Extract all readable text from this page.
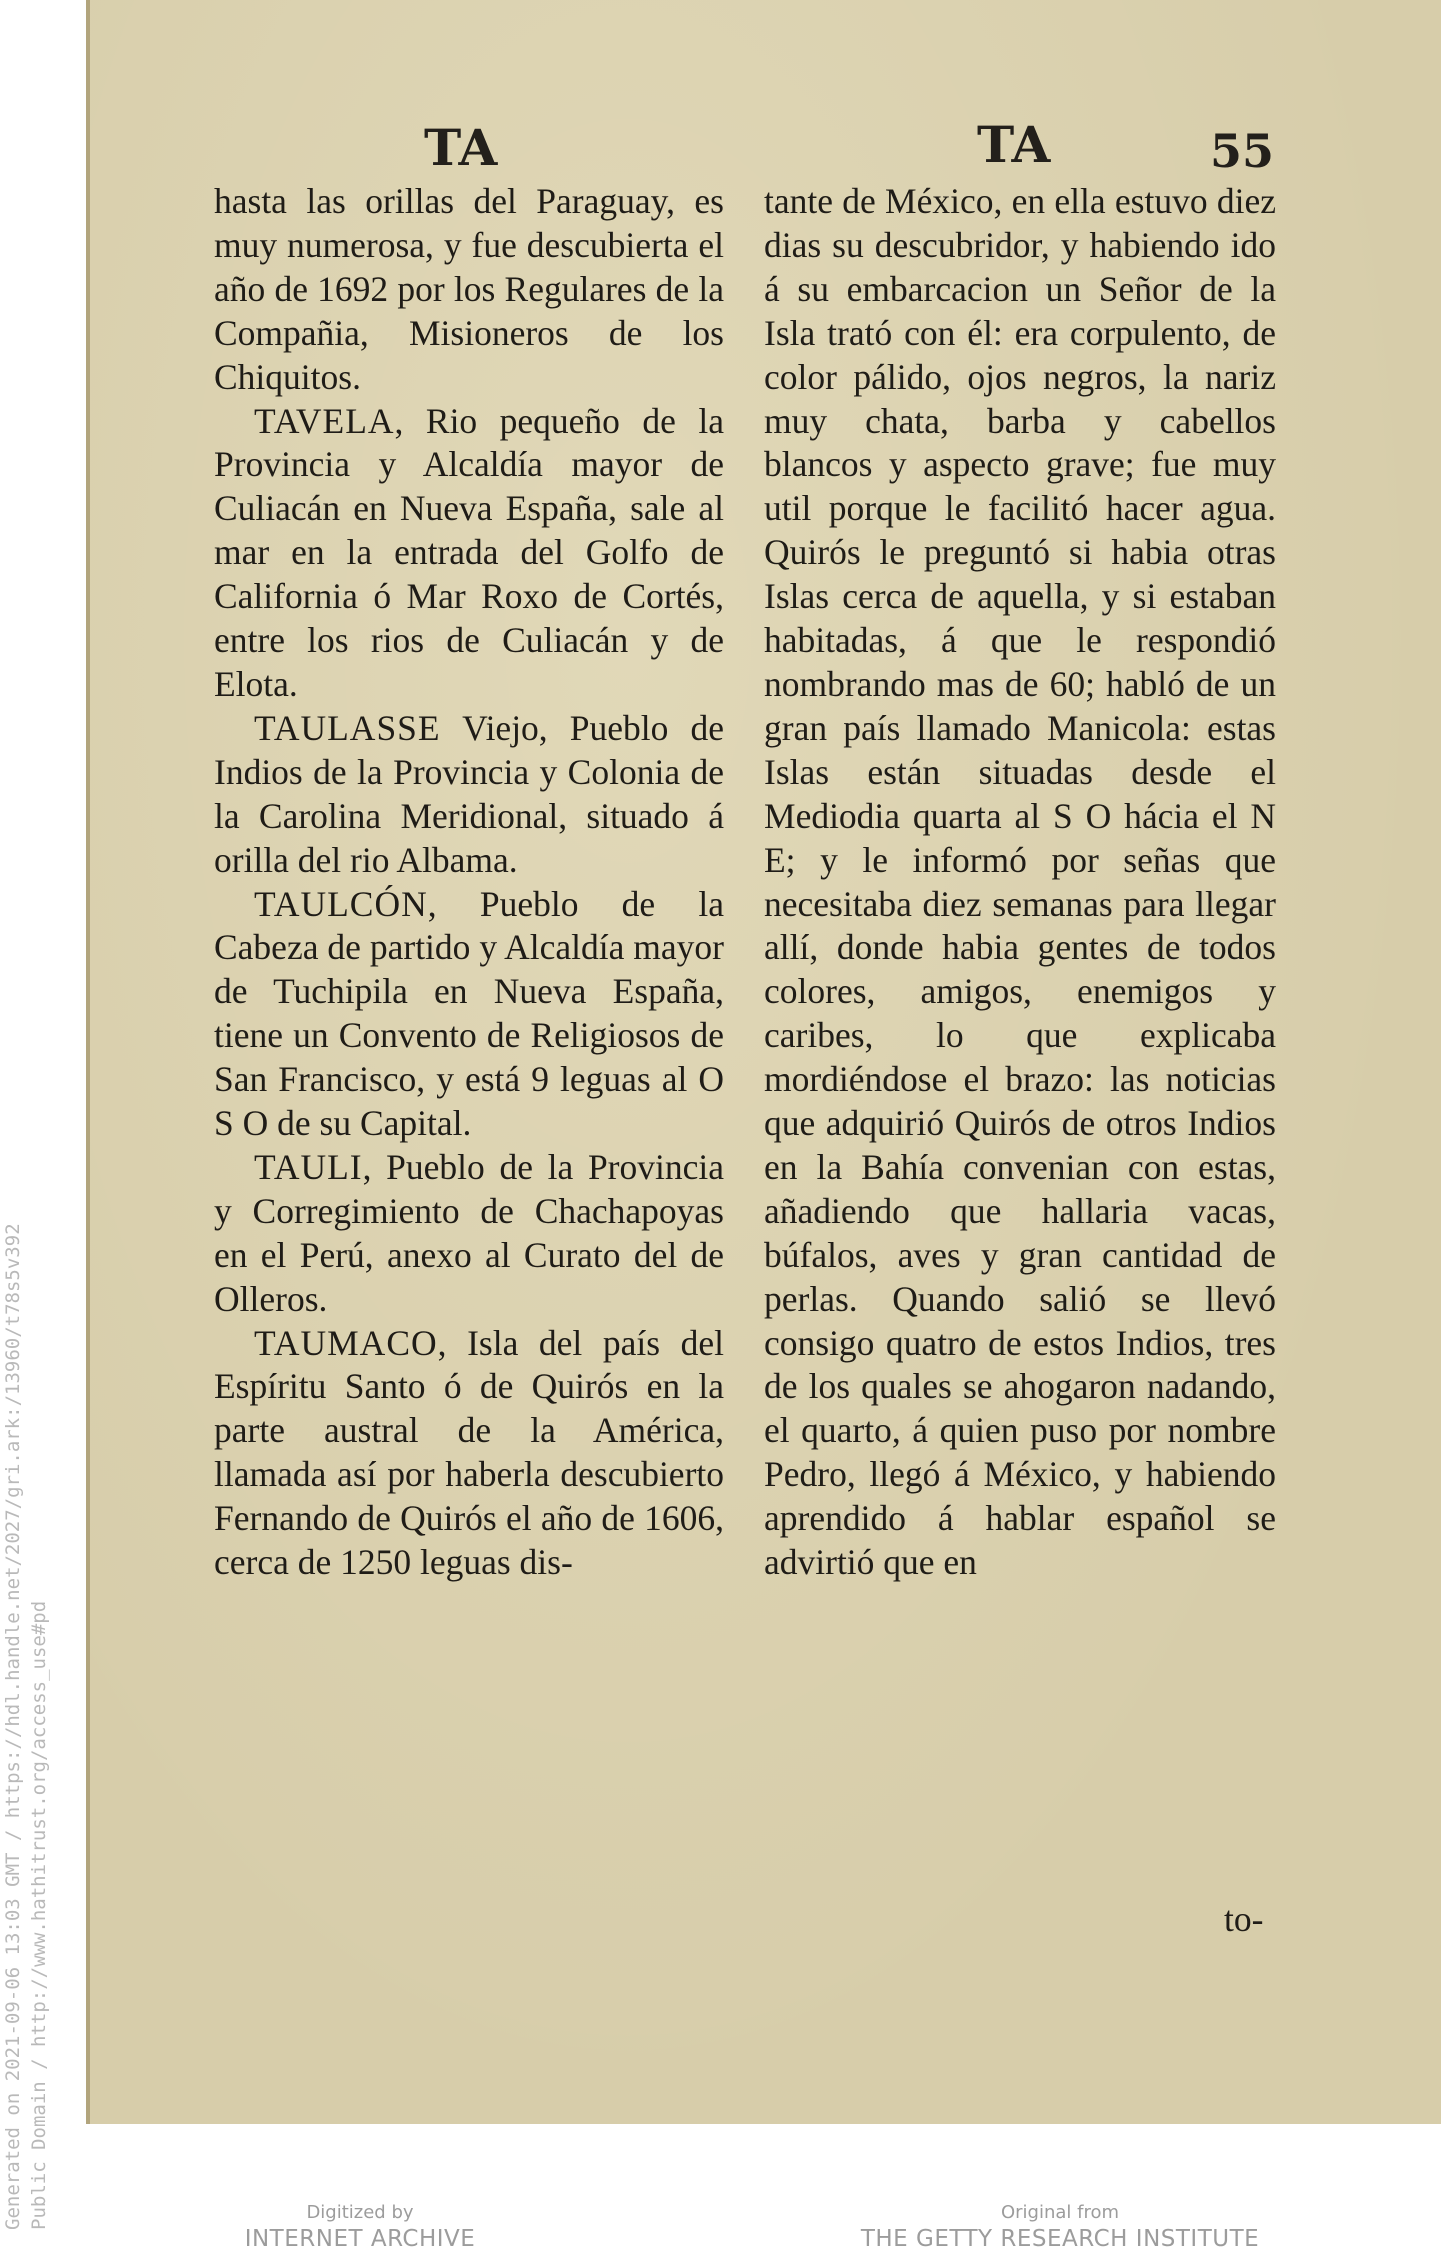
Generated on 2021-09-06 13:03 GMT / https://hdl.handle.net/2027/gri.ark:/13960/t78s5v392 Public Domain / http://www.hathitrust.org/access_use#pd
TA	TA	55

hasta las orillas del Paraguay, es muy numerosa, y fue descubierta el año de 1692 por los Regulares de la Compañia, Misioneros de los Chiquitos.

TAVELA, Rio pequeño de la Provincia y Alcaldía mayor de Culiacán en Nueva España, sale al mar en la entrada del Golfo de California ó Mar Roxo de Cortés, entre los rios de Culiacán y de Elota.

TAULASSE Viejo, Pueblo de Indios de la Provincia y Colonia de la Carolina Meridional, situado á orilla del rio Albama.

TAULCÓN, Pueblo de la Cabeza de partido y Alcaldía mayor de Tuchipila en Nueva España, tiene un Convento de Religiosos de San Francisco, y está 9 leguas al O S O de su Capital.

TAULI, Pueblo de la Provincia y Corregimiento de Chachapoyas en el Perú, anexo al Curato del de Olleros.

TAUMACO, Isla del país del Espíritu Santo ó de Quirós en la parte austral de la América, llamada así por haberla descubierto Fernando de Quirós el año de 1606, cerca de 1250 leguas dis-

tante de México, en ella estuvo diez dias su descubridor, y habiendo ido á su embarcacion un Señor de la Isla trató con él: era corpulento, de color pálido, ojos negros, la nariz muy chata, barba y cabellos blancos y aspecto grave; fue muy util porque le facilitó hacer agua. Quirós le preguntó si habia otras Islas cerca de aquella, y si estaban habitadas, á que le respondió nombrando mas de 60; habló de un gran país llamado Manicola: estas Islas están situadas desde el Mediodia quarta al S O hácia el N E; y le informó por señas que necesitaba diez semanas para llegar allí, donde habia gentes de todos colores, amigos, enemigos y caribes, lo que explicaba mordiéndose el brazo: las noticias que adquirió Quirós de otros Indios en la Bahía convenian con estas, añadiendo que hallaria vacas, búfalos, aves y gran cantidad de perlas. Quando salió se llevó consigo quatro de estos Indios, tres de los quales se ahogaron nadando, el quarto, á quien puso por nombre Pedro, llegó á México, y habiendo aprendido á hablar español se advirtió que en

to-
Digitized by
INTERNET ARCHIVE
Original from
THE GETTY RESEARCH INSTITUTE
